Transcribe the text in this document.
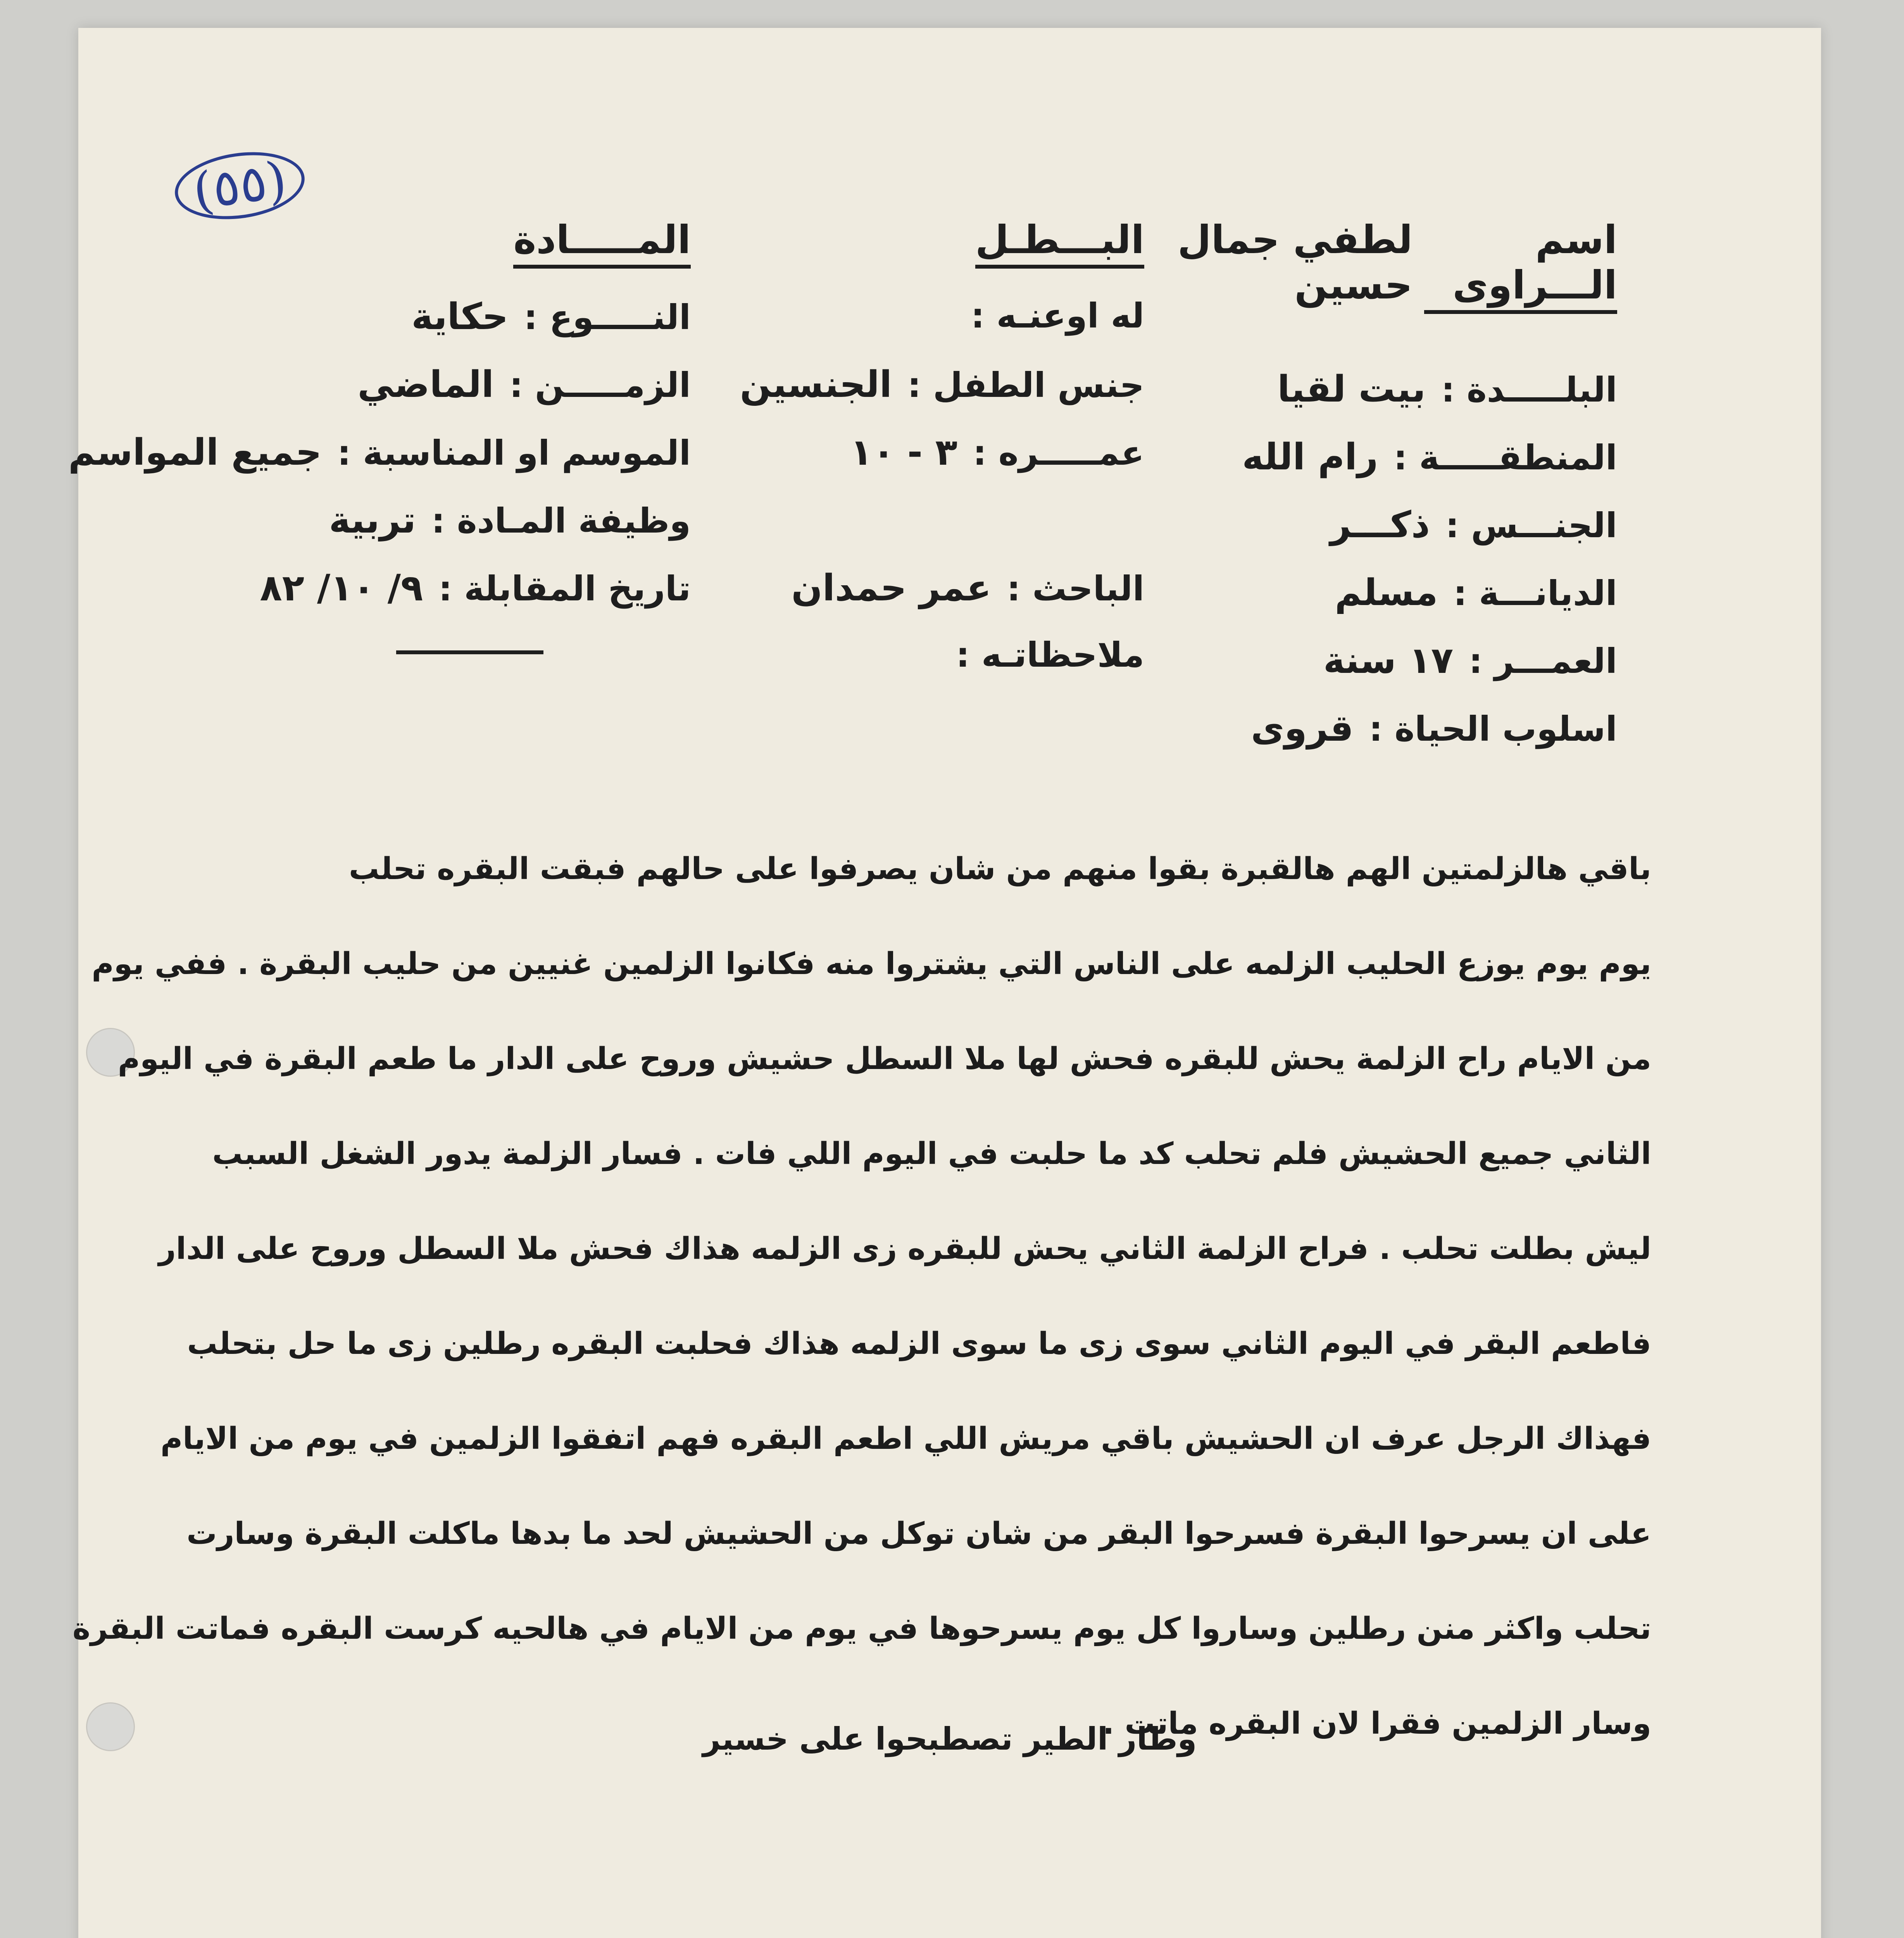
(٥٥)
اسم الـــراوى
لطفي جمال حسين
البلـــــدة :
بيت لقيا
المنطقـــــة :
رام الله
الجنـــس :
ذكـــر
الديانـــة :
مسلم
العمـــر :
١٧ سنة
اسلوب الحياة :
قروى
البـــطـل
له اوعنـه :
جنس الطفل :
الجنسين
عمـــــره :
٣ - ١٠
الباحث :
عمر حمدان
ملاحظاتـه :
المـــــادة
النـــــوع :
حكاية
الزمـــــن :
الماضي
الموسم او المناسبة :
جميع المواسم
وظيفة المـادة :
تربية
تاريخ المقابلة :
٩/ ١٠/ ٨٢

باقي هالزلمتين الهم هالقبرة بقوا منهم من شان يصرفوا على حالهم فبقت البقره تحلب

يوم يوم يوزع الحليب الزلمه على الناس التي يشتروا منه فكانوا الزلمين غنيين من حليب البقرة . ففي يوم

من الايام راح الزلمة يحش للبقره فحش لها ملا السطل حشيش وروح على الدار ما طعم البقرة في اليوم

الثاني جميع الحشيش فلم تحلب كد ما حلبت في اليوم اللي فات . فسار الزلمة يدور الشغل السبب

ليش بطلت تحلب . فراح الزلمة الثاني يحش للبقره زى الزلمه هذاك فحش ملا السطل وروح على الدار

فاطعم البقر في اليوم الثاني سوى زى ما سوى الزلمه هذاك فحلبت البقره رطلين زى ما حل بتحلب

فهذاك الرجل عرف ان الحشيش باقي مريش اللي اطعم البقره فهم اتفقوا الزلمين في يوم من الايام

على ان يسرحوا البقرة فسرحوا البقر من شان توكل من الحشيش لحد ما بدها ماكلت البقرة وسارت

تحلب واكثر منن رطلين وساروا كل يوم يسرحوها في يوم من الايام في هالحيه كرست البقره فماتت البقرة

وسار الزلمين فقرا لان البقره ماتت .

وطار الطير تصطبحوا على خسير
